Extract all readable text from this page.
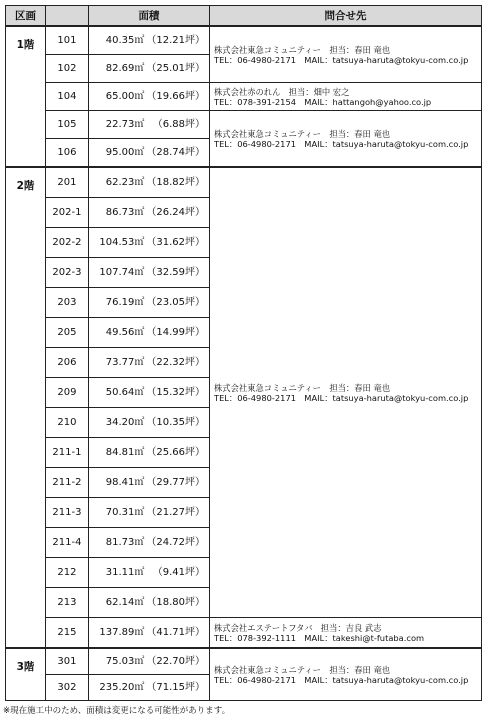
区画		面積		問合せ先
1階	101	40.35㎡	（12.21坪）	株式会社東急コミュニティー　担当：春田 竜也
TEL：06-4980-2171　MAIL：tatsuya-haruta@tokyu-com.co.jp

	102	82.69㎡	（25.01坪）	
	104	65.00㎡	（19.66坪）	株式会社赤のれん　担当：畑中 宏之
TEL：078-391-2154　MAIL：hattangoh@yahoo.co.jp

	105	22.73㎡	（6.88坪）	株式会社東急コミュニティー　担当：春田 竜也
TEL：06-4980-2171　MAIL：tatsuya-haruta@tokyu-com.co.jp

	106	95.00㎡	（28.74坪）	
2階	201	62.23㎡	（18.82坪）	株式会社東急コミュニティー　担当：春田 竜也
TEL：06-4980-2171　MAIL：tatsuya-haruta@tokyu-com.co.jp

	202-1	86.73㎡	（26.24坪）	
	202-2	104.53㎡	（31.62坪）	
	202-3	107.74㎡	（32.59坪）	
	203	76.19㎡	（23.05坪）	
	205	49.56㎡	（14.99坪）	
	206	73.77㎡	（22.32坪）	
	209	50.64㎡	（15.32坪）	
	210	34.20㎡	（10.35坪）	
	211-1	84.81㎡	（25.66坪）	
	211-2	98.41㎡	（29.77坪）	
	211-3	70.31㎡	（21.27坪）	
	211-4	81.73㎡	（24.72坪）	
	212	31.11㎡	（9.41坪）	
	213	62.14㎡	（18.80坪）	
	215	137.89㎡	（41.71坪）	株式会社エステートフタバ　担当：吉良 武志
TEL：078-392-1111　MAIL：takeshi@t-futaba.com

3階	301	75.03㎡	（22.70坪）	株式会社東急コミュニティー　担当：春田 竜也
TEL：06-4980-2171　MAIL：tatsuya-haruta@tokyu-com.co.jp

	302	235.20㎡	（71.15坪）	
※現在施工中のため、面積は変更になる可能性があります。
